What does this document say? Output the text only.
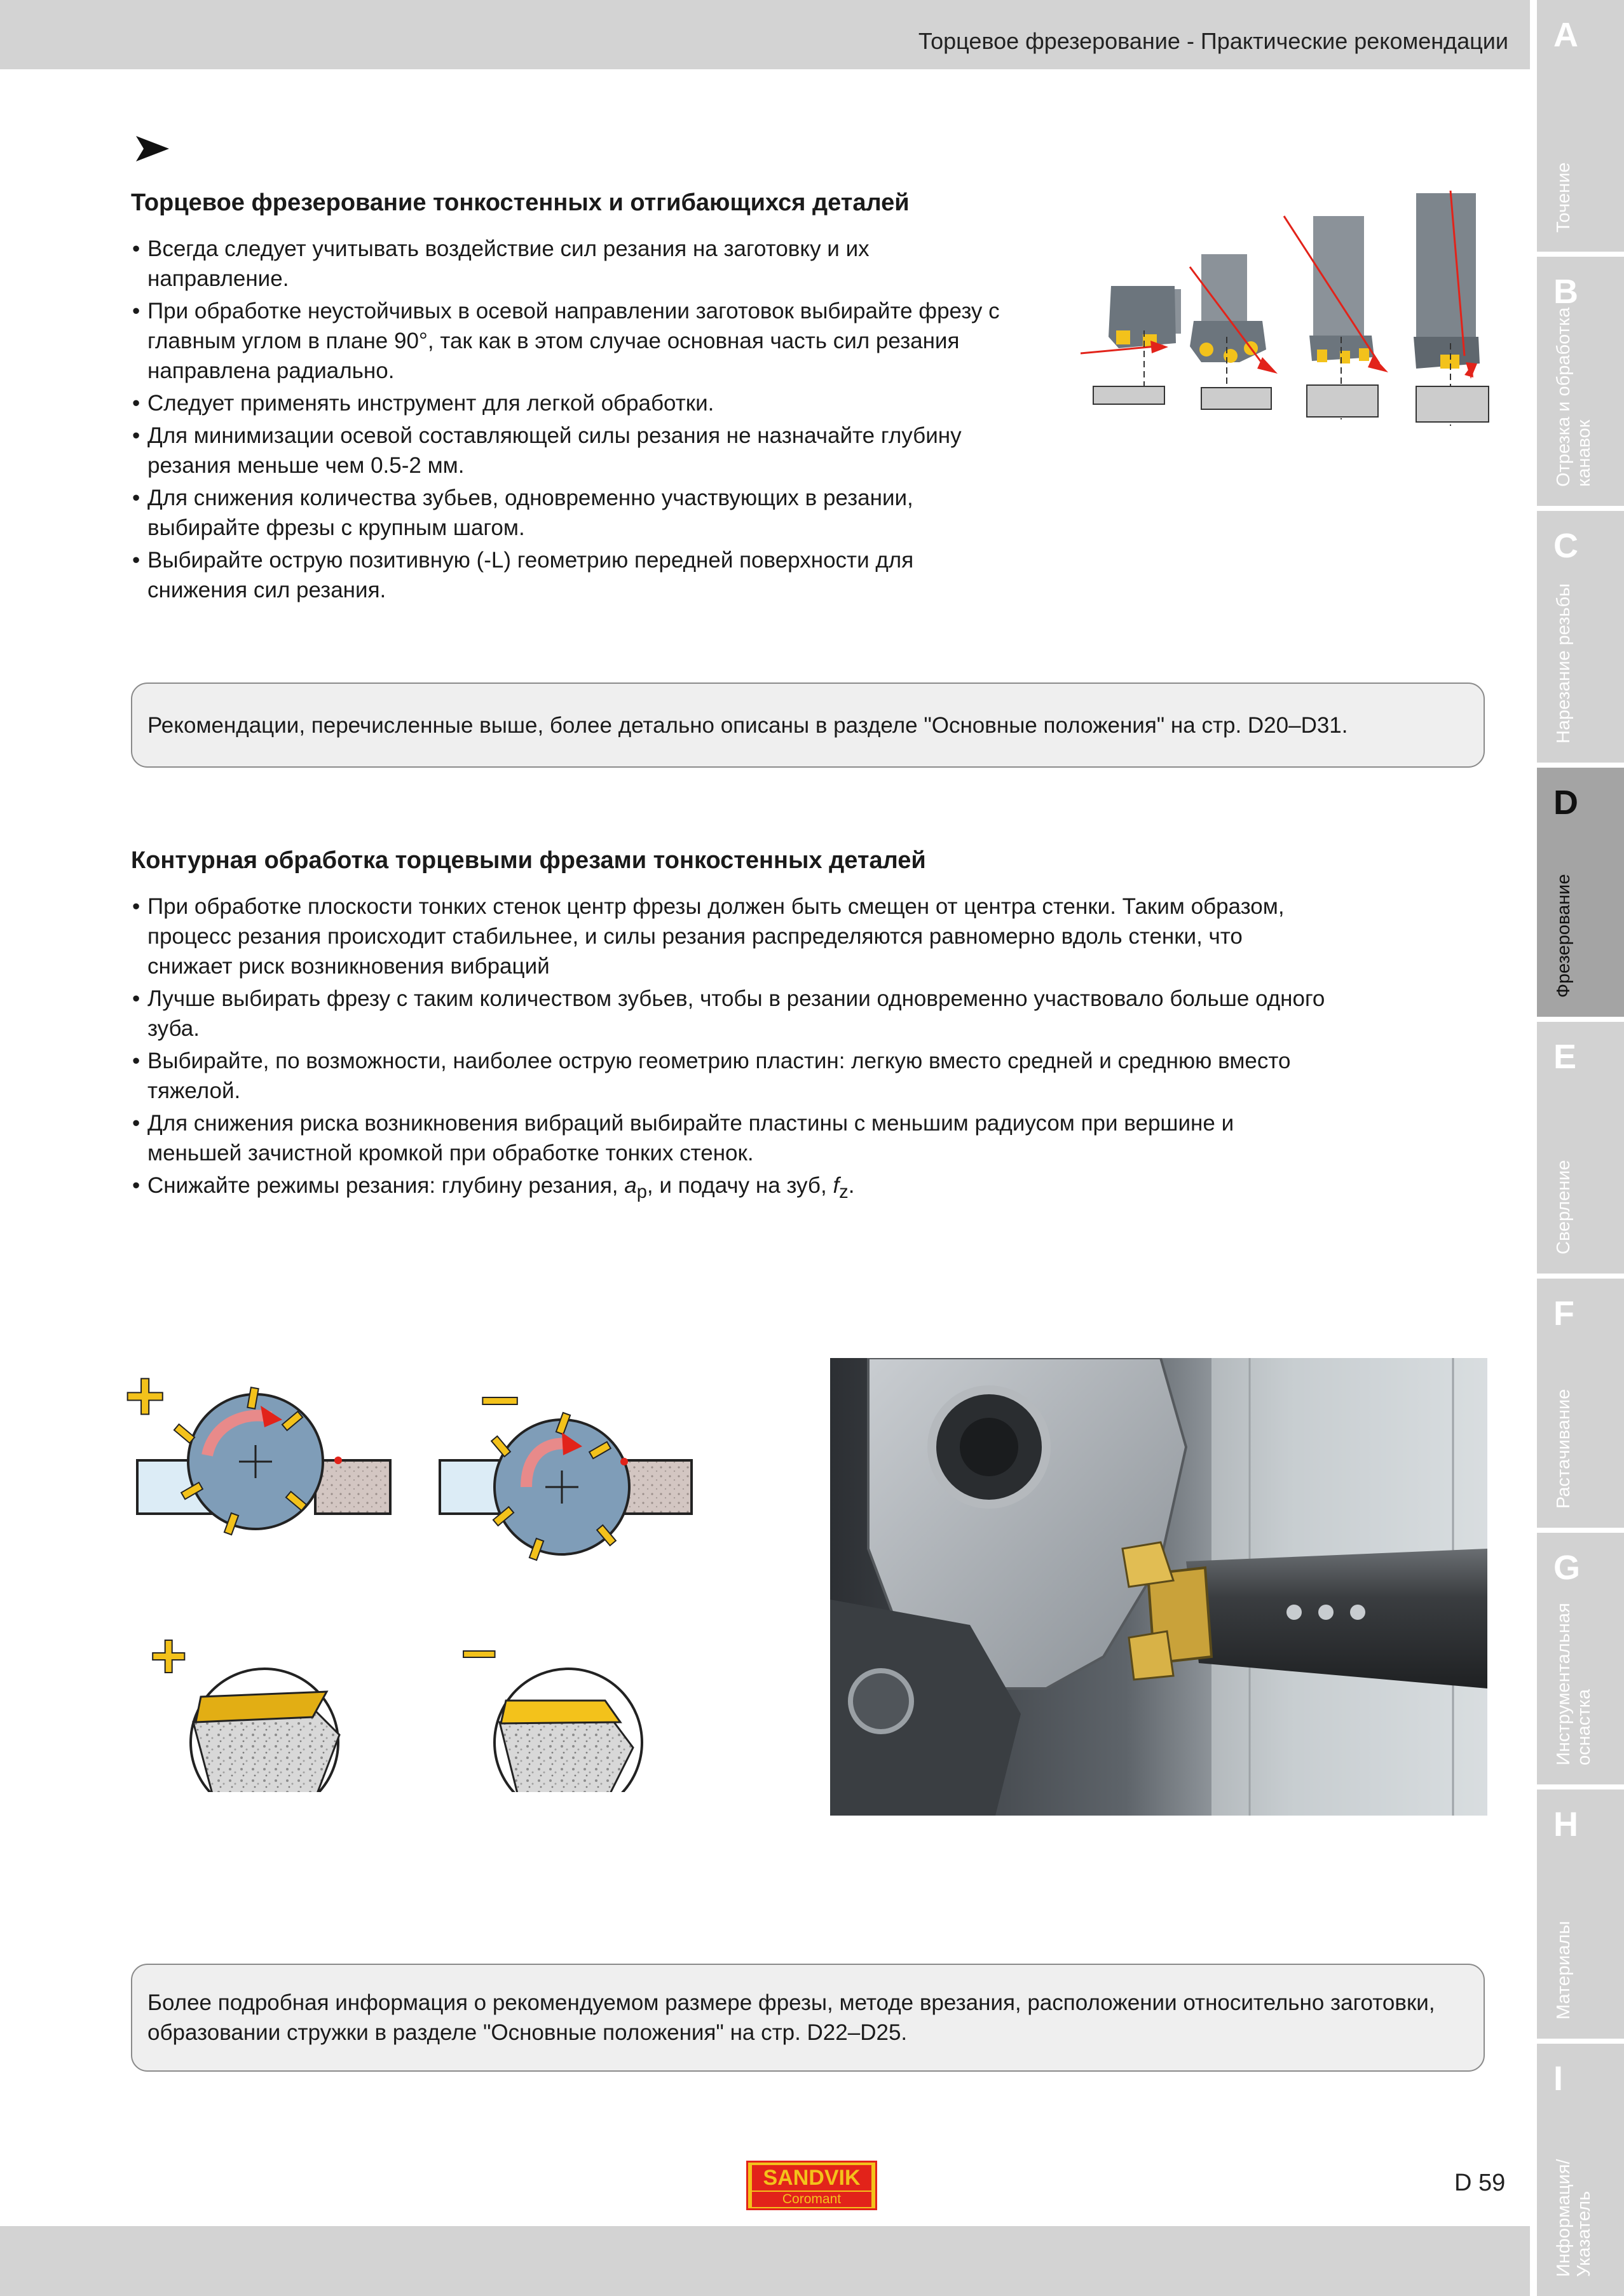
Торцевое фрезерование - Практические рекомендации A
Точение
B
Отрезка и обработка канавок
C
Нарезание резьбы
D
Фрезерование
E
Сверление
F
Растачивание
G
Инструментальная оснастка
H
Материалы
I
Информация/ Указатель
Торцевое фрезерование тонкостенных и отгибающихся деталей
• Всегда следует учитывать воздействие сил резания на заготовку и их направление.
• При обработке неустойчивых в осевой направлении заготовок выбирайте фрезу с главным углом в плане 90°, так как в этом случае основная часть сил резания направлена радиально.
• Следует применять инструмент для легкой обработки.
• Для минимизации осевой составляющей силы резания не назначайте глубину резания меньше чем 0.5-2 мм.
• Для снижения количества зубьев, одновременно участвующих в резании, выбирайте фрезы с крупным шагом.
• Выбирайте острую позитивную (-L) геометрию передней поверхности для снижения сил резания.
Рекомендации, перечисленные выше, более детально описаны в разделе "Основные положения" на стр. D20–D31.
Контурная обработка торцевыми фрезами тонкостенных деталей
• При обработке плоскости тонких стенок центр фрезы должен быть смещен от центра стенки. Таким образом, процесс резания происходит стабильнее, и силы резания распределяются равномерно вдоль стенки, что снижает риск возникновения вибраций
• Лучше выбирать фрезу с таким количеством зубьев, чтобы в резании одновременно участвовало больше одного зуба.
• Выбирайте, по возможности, наиболее острую геометрию пластин: легкую вместо средней и среднюю вместо тяжелой.
• Для снижения риска возникновения вибраций выбирайте пластины с меньшим радиусом при вершине и меньшей зачистной кромкой при обработке тонких стенок.
• Снижайте режимы резания: глубину резания, $a_p$, и подачу на зуб, $f_z$.
+	–
+	–
Более подробная информация о рекомендуемом размере фрезы, методе врезания, расположении относительно заготовки, образовании стружки в разделе "Основные положения" на стр. D22–D25.
SANDVIK
Coromant
D 59
